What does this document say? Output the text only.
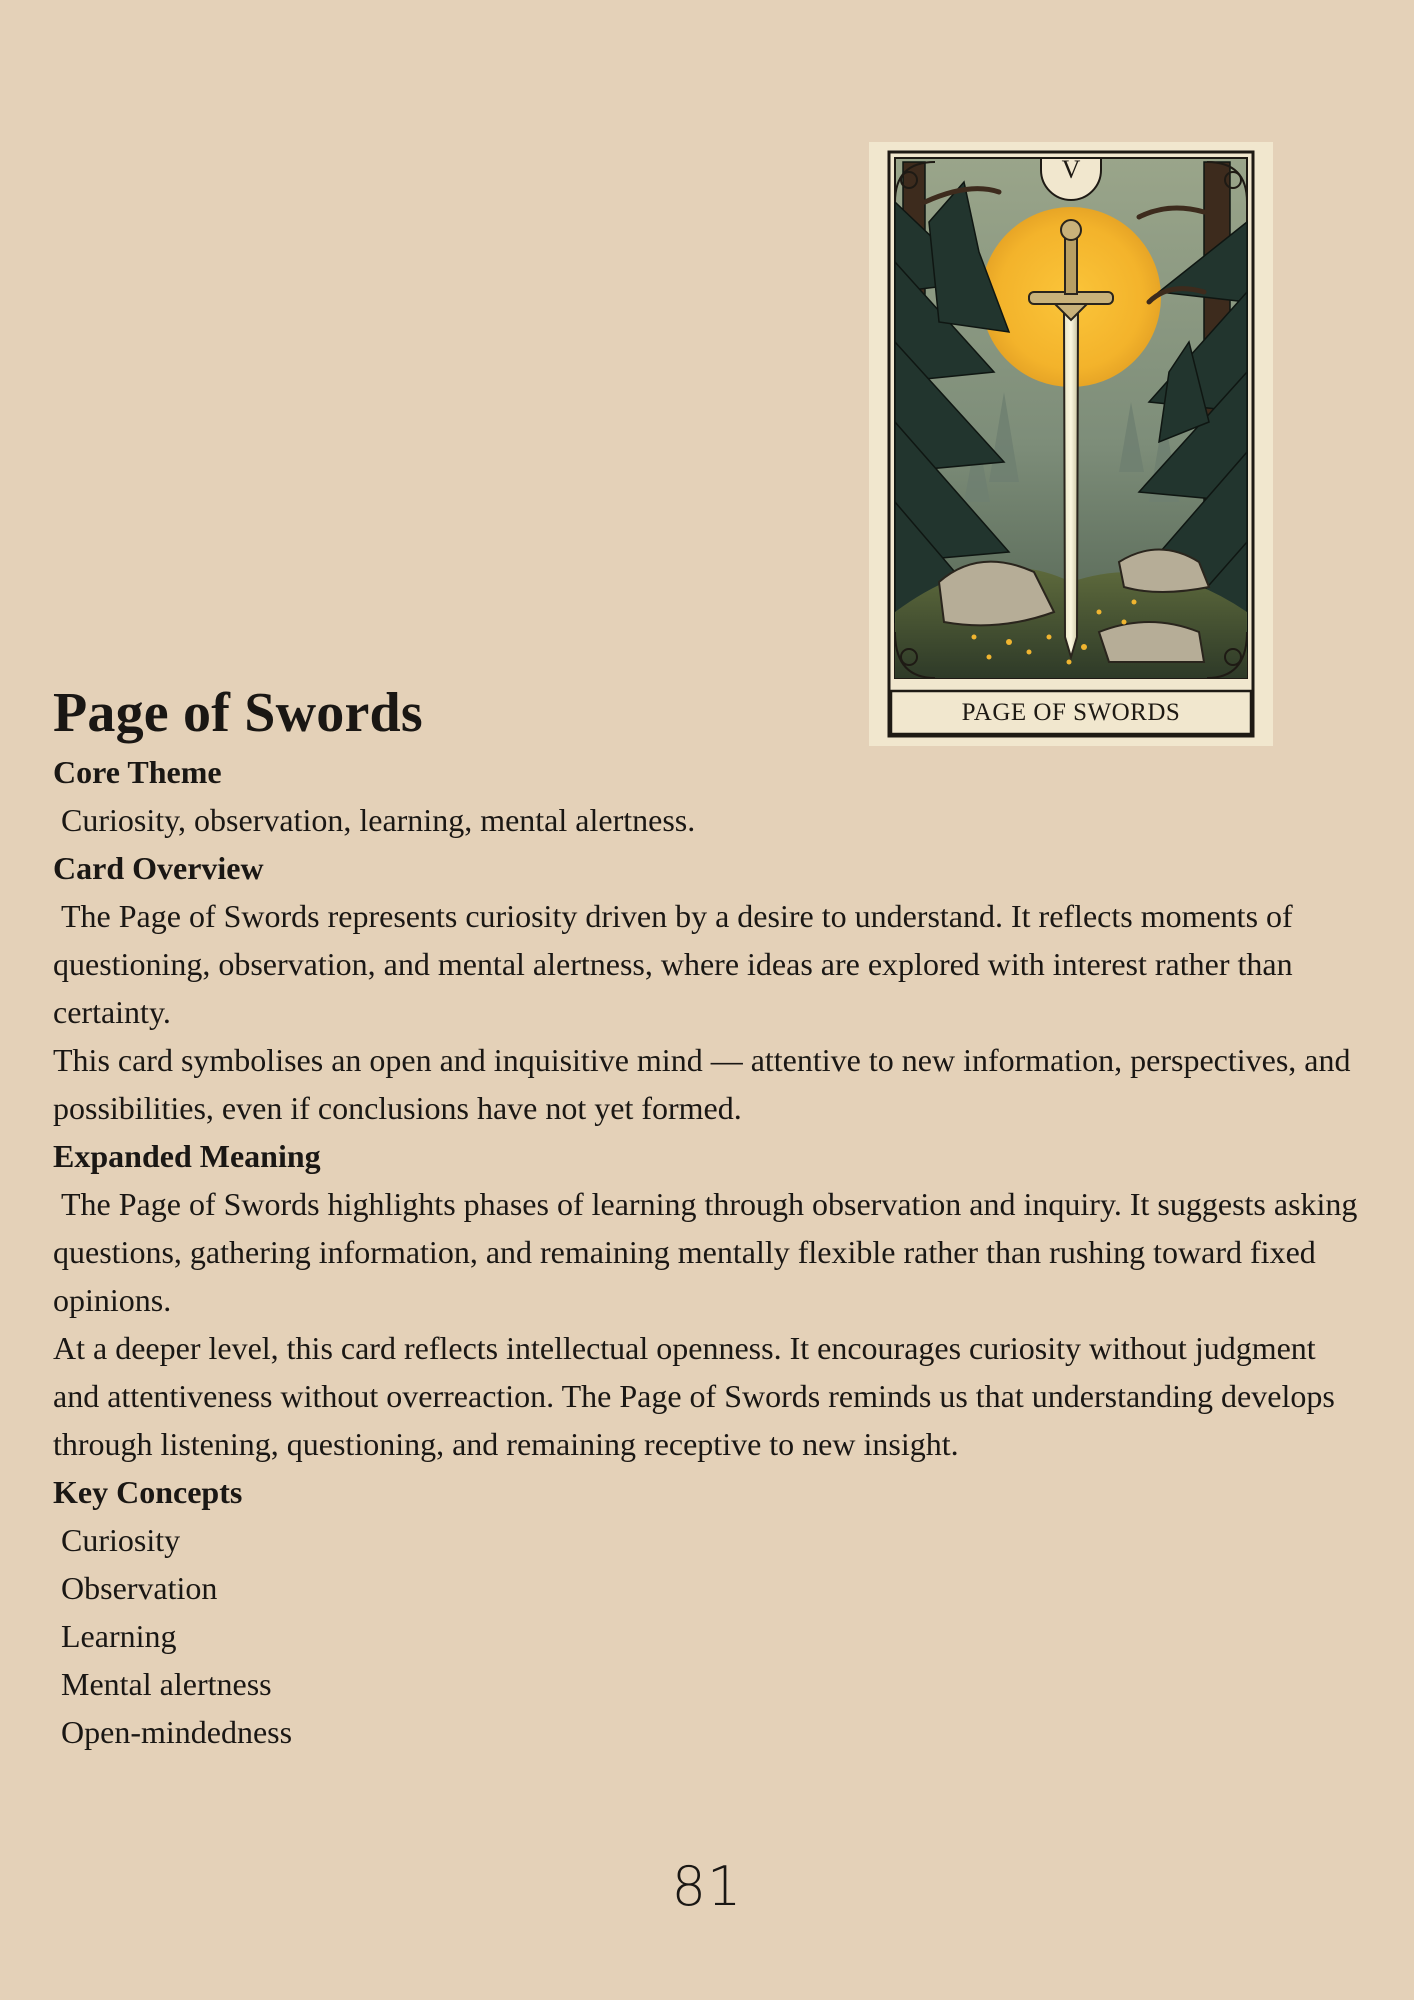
V
PAGE OF SWORDS
Page of Swords
Core Theme

Curiosity, observation, learning, mental alertness.

Card Overview

The Page of Swords represents curiosity driven by a desire to understand. It reflects moments of questioning, observation, and mental alertness, where ideas are explored with interest rather than certainty.

This card symbolises an open and inquisitive mind — attentive to new information, perspectives, and possibilities, even if conclusions have not yet formed.

Expanded Meaning

The Page of Swords highlights phases of learning through observation and inquiry. It suggests asking questions, gathering information, and remaining mentally flexible rather than rushing toward fixed opinions.

At a deeper level, this card reflects intellectual openness. It encourages curiosity without judgment and attentiveness without overreaction. The Page of Swords reminds us that understanding develops through listening, questioning, and remaining receptive to new insight.

Key Concepts
Curiosity
Observation
Learning
Mental alertness
Open-mindedness
81
